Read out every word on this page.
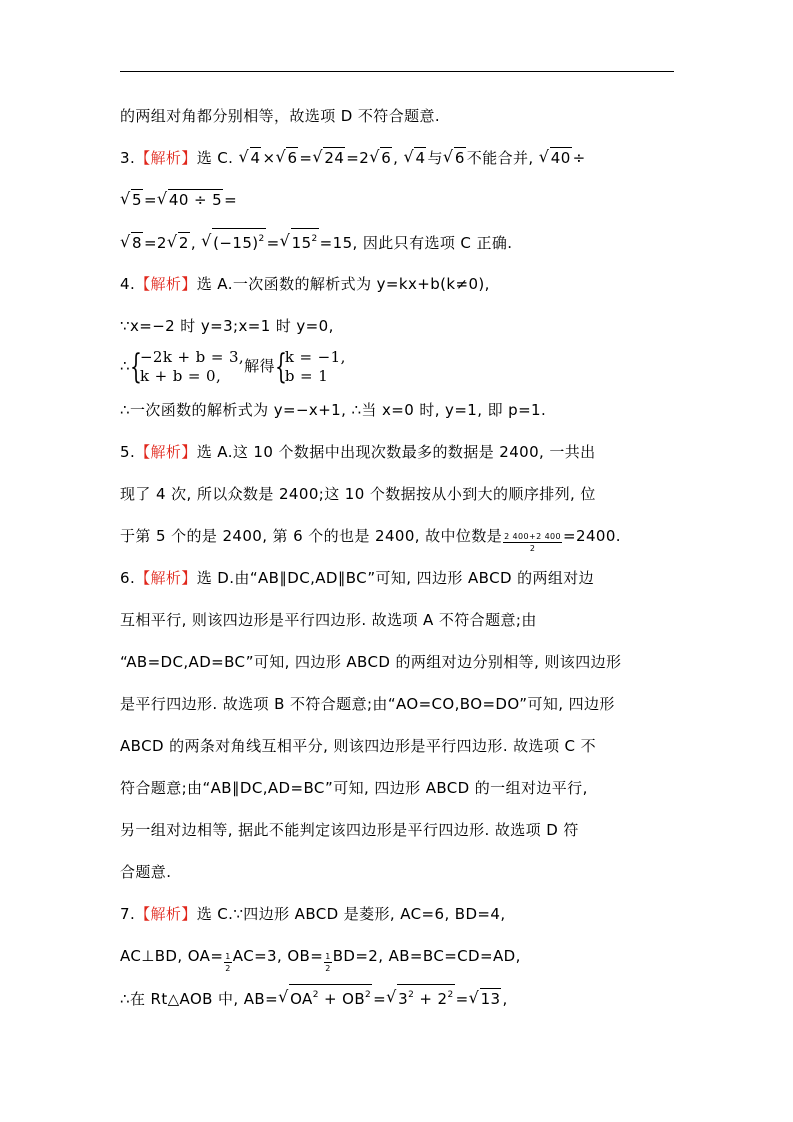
的两组对角都分别相等，故选项 D 不符合题意.
3.【解析】选 C. √ 4 × √ 6 = √ 24 =2 √ 6 , √ 4 与 √ 6 不能合并, √ 40 ÷
√ 5 = √ 40 ÷ 5 =
√ 8 =2 √ 2 , √ $(-15)^2$ = √ $15^2 =15$, 因此只有选项 C 正确.
4.【解析】选 A.一次函数的解析式为 y=kx+b(k≠0),
∵x=−2 时 y=3;x=1 时 y=0,
∴ {
−2k + b = 3,
k + b = 0,
解得 {
k = −1,
b = 1
∴一次函数的解析式为 y=−x+1, ∴当 x=0 时, y=1, 即 p=1.
5.【解析】选 A.这 10 个数据中出现次数最多的数据是 2400, 一共出
现了 4 次, 所以众数是 2400;这 10 个数据按从小到大的顺序排列, 位
于第 5 个的是 2400, 第 6 个的也是 2400, 故中位数是 $\frac{2 400+2 400}{2} =2400$.
6.【解析】选 D.由“AB∥DC,AD∥BC”可知, 四边形 ABCD 的两组对边
互相平行, 则该四边形是平行四边形. 故选项 A 不符合题意;由
“AB=DC,AD=BC”可知, 四边形 ABCD 的两组对边分别相等, 则该四边形
是平行四边形. 故选项 B 不符合题意;由“AO=CO,BO=DO”可知, 四边形
ABCD 的两条对角线互相平分, 则该四边形是平行四边形. 故选项 C 不
符合题意;由“AB∥DC,AD=BC”可知, 四边形 ABCD 的一组对边平行,
另一组对边相等, 据此不能判定该四边形是平行四边形. 故选项 D 符
合题意.
7.【解析】选 C.∵四边形 ABCD 是菱形, AC=6, BD=4,
AC⊥BD, $OA= \frac{1}{2} AC=3$, $OB= \frac{1}{2} BD=2$, AB=BC=CD=AD,
∴在 Rt△AOB 中, AB= √ $OA^2 + OB^2$ = √ $3^2 + 2^2$ = √ 13 ,
